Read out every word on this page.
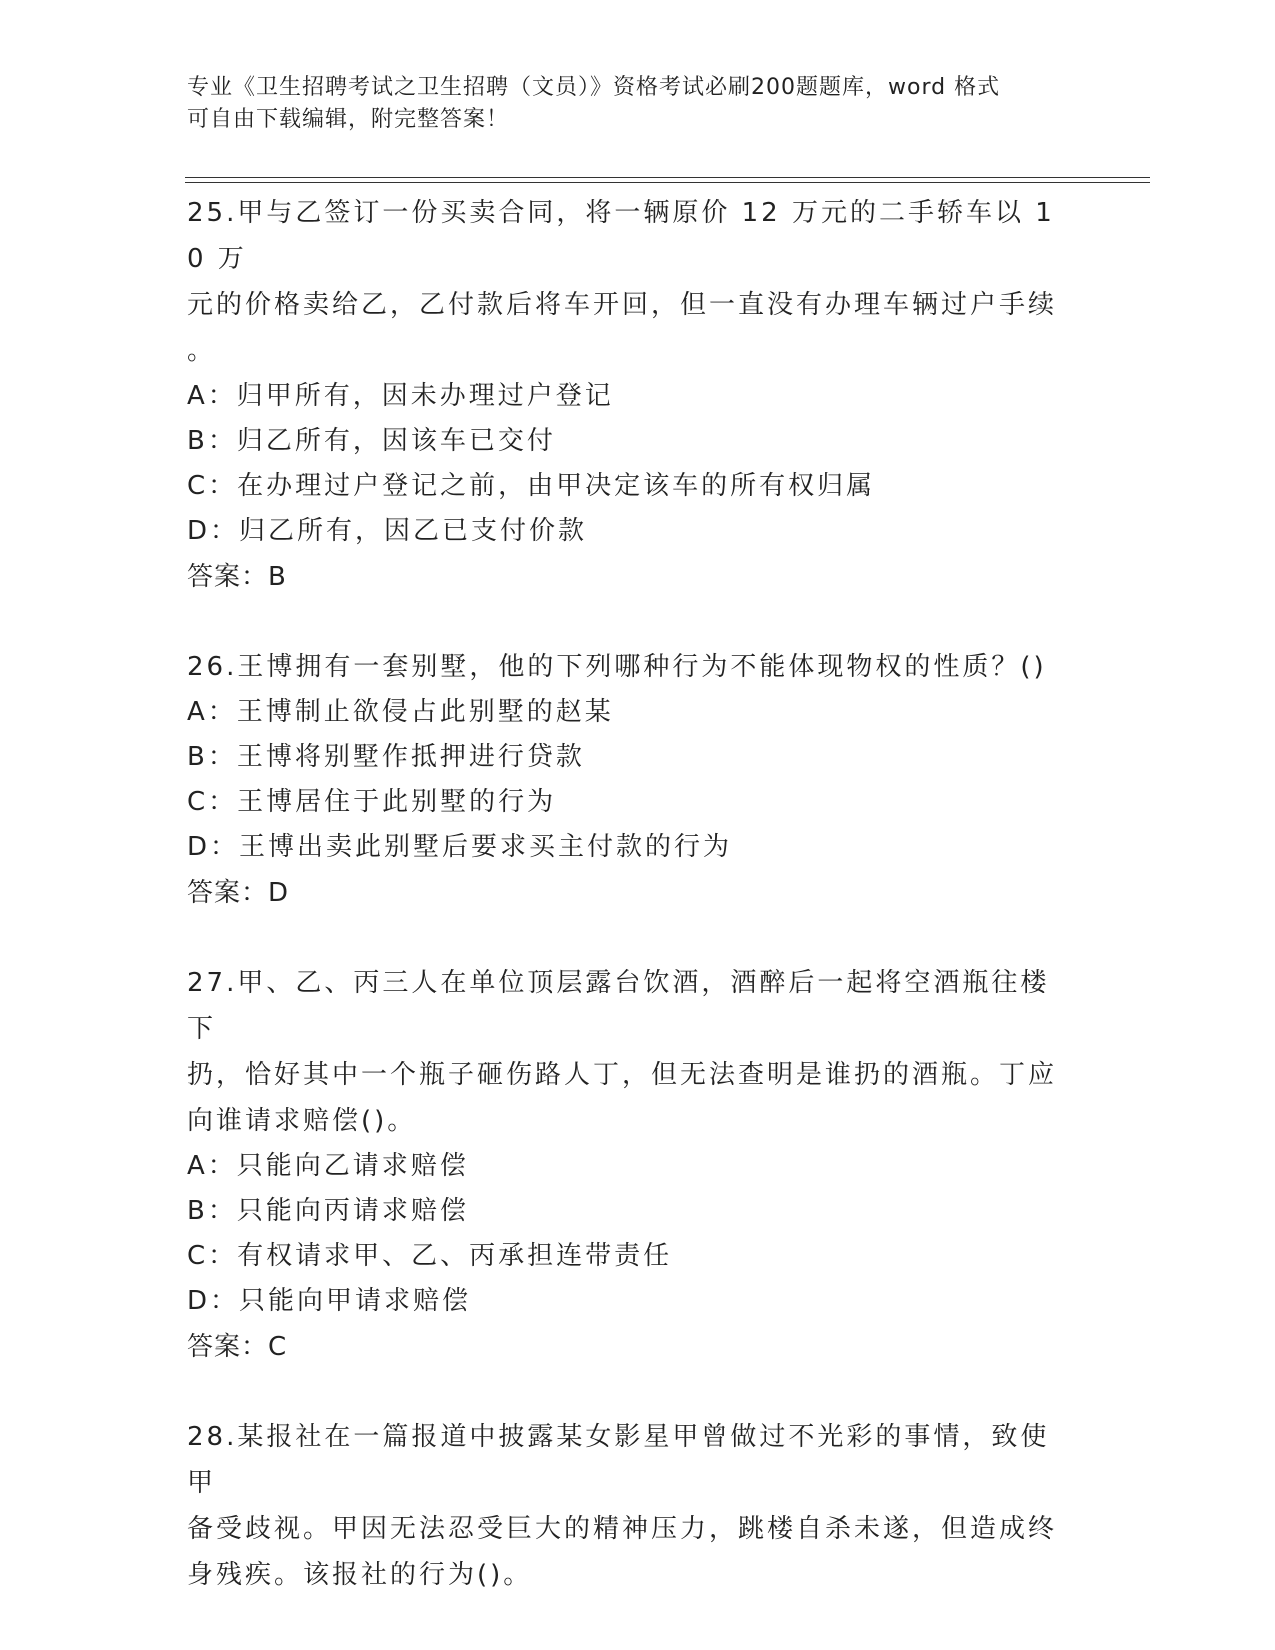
专业《卫生招聘考试之卫生招聘（文员）》资格考试必刷200题题库，word 格式
可自由下载编辑，附完整答案！
25.甲与乙签订一份买卖合同，将一辆原价 12 万元的二手轿车以 10 万
元的价格卖给乙，乙付款后将车开回，但一直没有办理车辆过户手续
。
A：归甲所有，因未办理过户登记
B：归乙所有，因该车已交付
C：在办理过户登记之前，由甲决定该车的所有权归属
D：归乙所有，因乙已支付价款
答案：B
26.王博拥有一套别墅，他的下列哪种行为不能体现物权的性质？()
A：王博制止欲侵占此别墅的赵某
B：王博将别墅作抵押进行贷款
C：王博居住于此别墅的行为
D：王博出卖此别墅后要求买主付款的行为
答案：D
27.甲、乙、丙三人在单位顶层露台饮酒，酒醉后一起将空酒瓶往楼下
扔，恰好其中一个瓶子砸伤路人丁，但无法查明是谁扔的酒瓶。丁应
向谁请求赔偿()。
A：只能向乙请求赔偿
B：只能向丙请求赔偿
C：有权请求甲、乙、丙承担连带责任
D：只能向甲请求赔偿
答案：C
28.某报社在一篇报道中披露某女影星甲曾做过不光彩的事情，致使甲
备受歧视。甲因无法忍受巨大的精神压力，跳楼自杀未遂，但造成终
身残疾。该报社的行为()。
